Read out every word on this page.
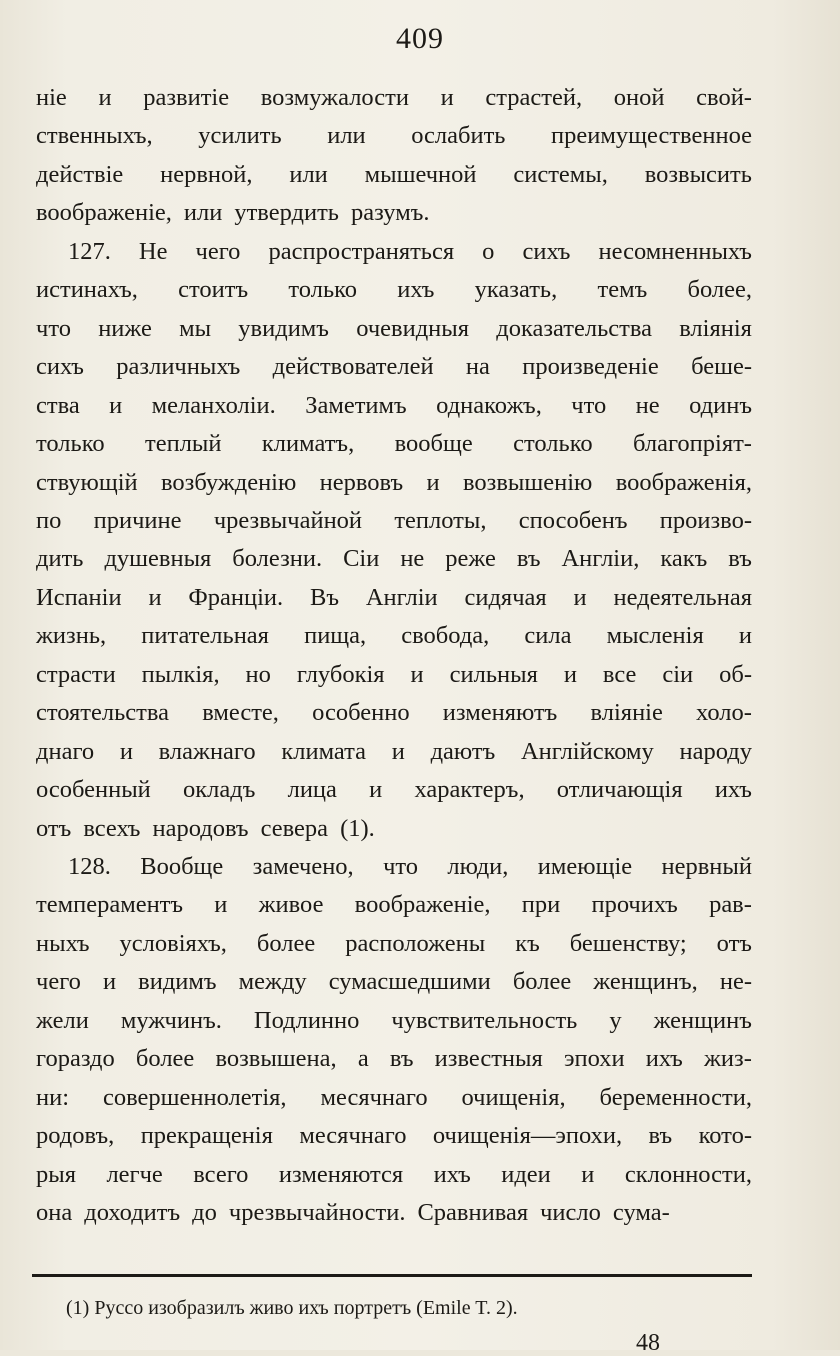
409
ніе и развитіе возмужалости и страстей, оной свой-
ственныхъ, усилить или ослабить преимущественное
действіе нервной, или мышечной системы, возвысить
воображеніе, или утвердить разумъ.
127. Не чего распространяться о сихъ несомненныхъ
истинахъ, стоитъ только ихъ указать, темъ более,
что ниже мы увидимъ очевидныя доказательства вліянія
сихъ различныхъ действователей на произведеніе беше-
ства и меланхоліи. Заметимъ однакожъ, что не одинъ
только теплый климатъ, вообще столько благопріят-
ствующій возбужденію нервовъ и возвышенію воображенія,
по причине чрезвычайной теплоты, способенъ произво-
дить душевныя болезни. Сіи не реже въ Англіи, какъ въ
Испаніи и Франціи. Въ Англіи сидячая и недеятельная
жизнь, питательная пища, свобода, сила мысленія и
страсти пылкія, но глубокія и сильныя и все сіи об-
стоятельства вместе, особенно изменяютъ вліяніе холо-
днаго и влажнаго климата и даютъ Англійскому народу
особенный окладъ лица и характеръ, отличающія ихъ
отъ всехъ народовъ севера (1).
128. Вообще замечено, что люди, имеющіе нервный
темпераментъ и живое воображеніе, при прочихъ рав-
ныхъ условіяхъ, более расположены къ бешенству; отъ
чего и видимъ между сумасшедшими более женщинъ, не-
жели мужчинъ. Подлинно чувствительность у женщинъ
гораздо более возвышена, а въ известныя эпохи ихъ жиз-
ни: совершеннолетія, месячнаго очищенія, беременности,
родовъ, прекращенія месячнаго очищенія—эпохи, въ кото-
рыя легче всего изменяются ихъ идеи и склонности,
она доходитъ до чрезвычайности. Сравнивая число сума-
(1) Руссо изобразилъ живо ихъ портретъ (Emile T. 2).
48
